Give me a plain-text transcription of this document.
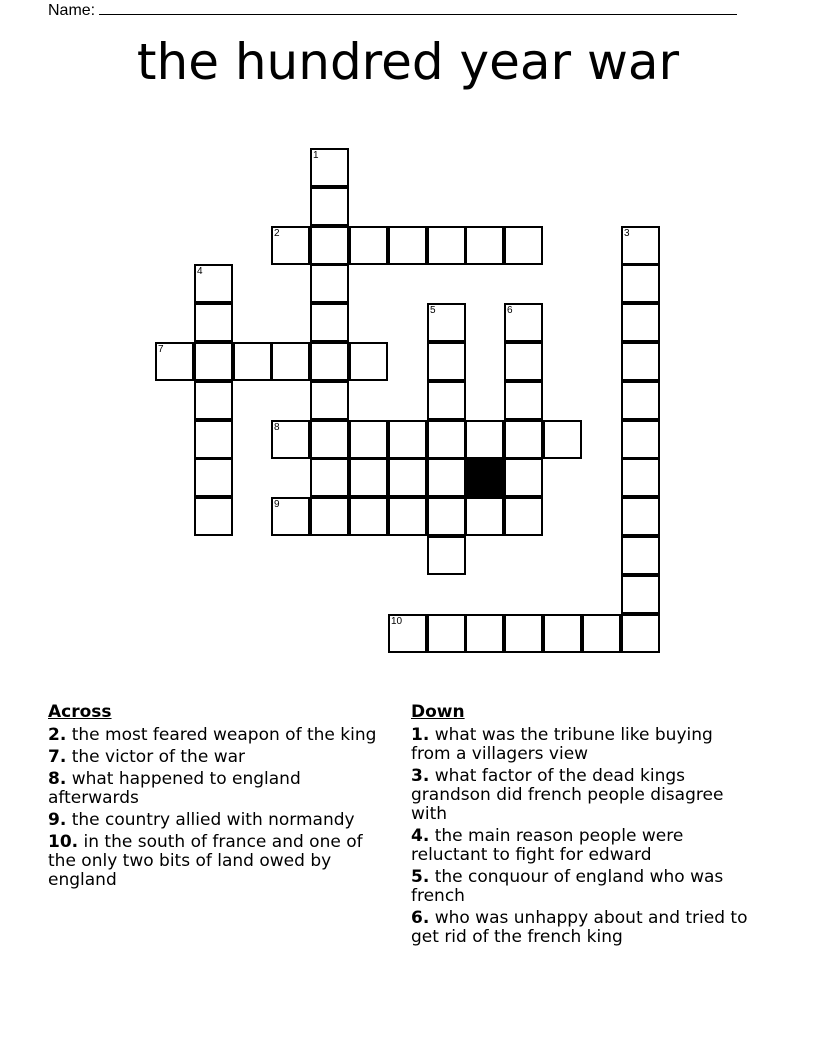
Name:
the hundred year war
1
2	3
4
5	6
7
8
9
10
Across
2. the most feared weapon of the king
7. the victor of the war
8. what happened to england afterwards
9. the country allied with normandy
10. in the south of france and one of the only two bits of land owed by england
Down
1. what was the tribune like buying from a villagers view
3. what factor of the dead kings grandson did french people disagree with
4. the main reason people were reluctant to fight for edward
5. the conquour of england who was french
6. who was unhappy about and tried to get rid of the french king
